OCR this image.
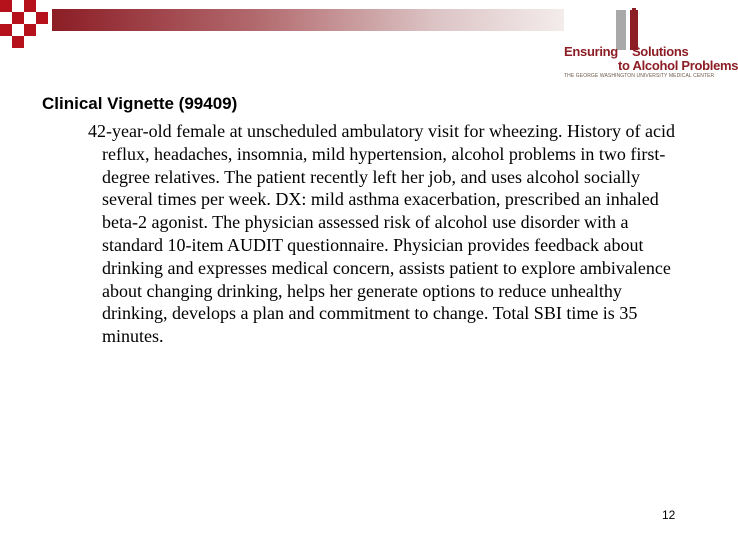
Ensuring Solutions
to Alcohol Problems
THE GEORGE WASHINGTON UNIVERSITY MEDICAL CENTER
Clinical Vignette (99409)

42-year-old female at unscheduled ambulatory visit for wheezing. History of acid reflux, headaches, insomnia, mild hypertension, alcohol problems in two first-degree relatives. The patient recently left her job, and uses alcohol socially several times per week. DX: mild asthma exacerbation, prescribed an inhaled beta-2 agonist. The physician assessed risk of alcohol use disorder with a standard 10-item AUDIT questionnaire. Physician provides feedback about drinking and expresses medical concern, assists patient to explore ambivalence about changing drinking, helps her generate options to reduce unhealthy drinking, develops a plan and commitment to change. Total SBI time is 35 minutes.

12
